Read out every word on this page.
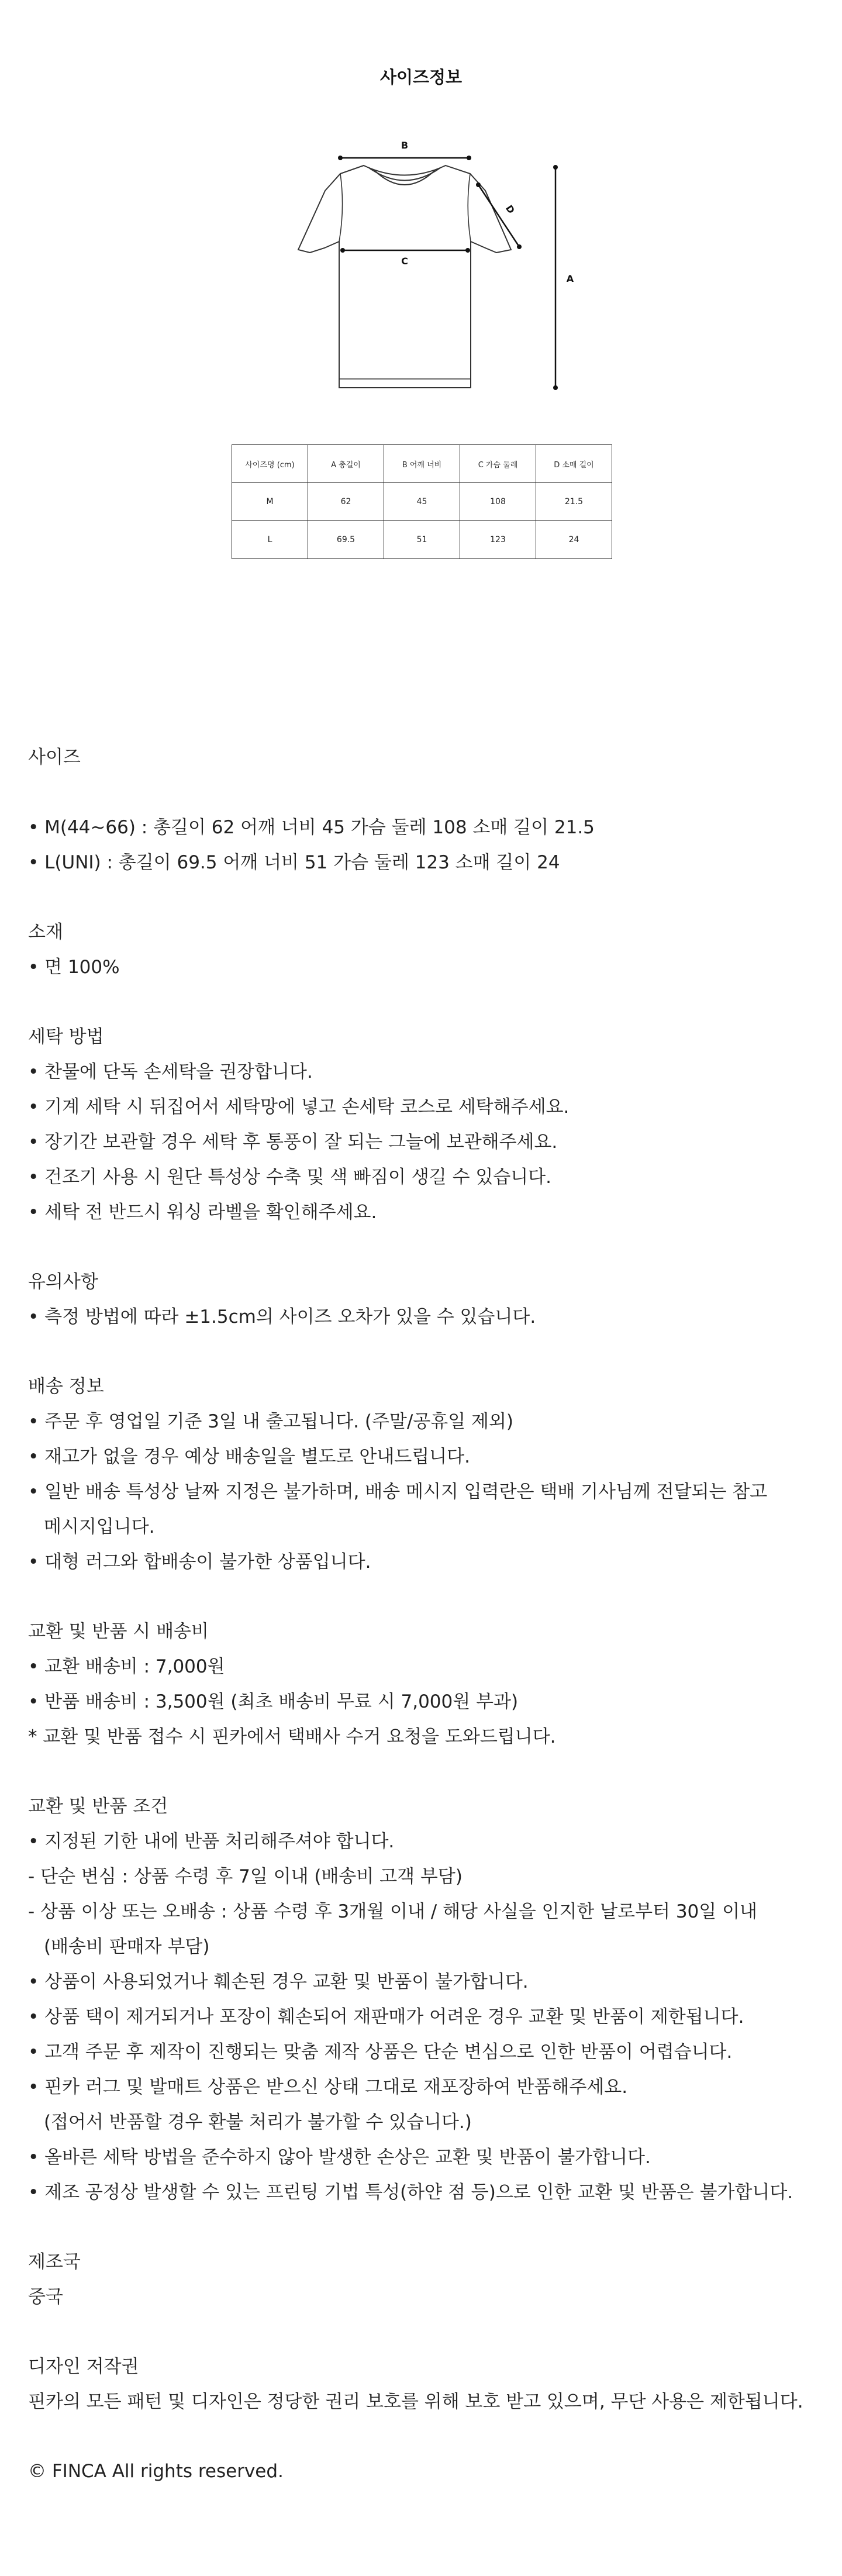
사이즈정보
B
C
D
A
사이즈명 (cm)	A 총길이	B 어깨 너비	C 가슴 둘레	D 소매 길이
M	62	45	108	21.5
L	69.5	51	123	24
사이즈
• M(44~66) : 총길이 62 어깨 너비 45 가슴 둘레 108 소매 길이 21.5
• L(UNI) : 총길이 69.5 어깨 너비 51 가슴 둘레 123 소매 길이 24
소재
• 면 100%
세탁 방법
• 찬물에 단독 손세탁을 권장합니다.
• 기계 세탁 시 뒤집어서 세탁망에 넣고 손세탁 코스로 세탁해주세요.
• 장기간 보관할 경우 세탁 후 통풍이 잘 되는 그늘에 보관해주세요.
• 건조기 사용 시 원단 특성상 수축 및 색 빠짐이 생길 수 있습니다.
• 세탁 전 반드시 워싱 라벨을 확인해주세요.
유의사항
• 측정 방법에 따라 ±1.5cm의 사이즈 오차가 있을 수 있습니다.
배송 정보
• 주문 후 영업일 기준 3일 내 출고됩니다. (주말/공휴일 제외)
• 재고가 없을 경우 예상 배송일을 별도로 안내드립니다.
• 일반 배송 특성상 날짜 지정은 불가하며, 배송 메시지 입력란은 택배 기사님께 전달되는 참고
메시지입니다.
• 대형 러그와 합배송이 불가한 상품입니다.
교환 및 반품 시 배송비
• 교환 배송비 : 7,000원
• 반품 배송비 : 3,500원 (최초 배송비 무료 시 7,000원 부과)
* 교환 및 반품 접수 시 핀카에서 택배사 수거 요청을 도와드립니다.
교환 및 반품 조건
• 지정된 기한 내에 반품 처리해주셔야 합니다.
- 단순 변심 : 상품 수령 후 7일 이내 (배송비 고객 부담)
- 상품 이상 또는 오배송 : 상품 수령 후 3개월 이내 / 해당 사실을 인지한 날로부터 30일 이내
(배송비 판매자 부담)
• 상품이 사용되었거나 훼손된 경우 교환 및 반품이 불가합니다.
• 상품 택이 제거되거나 포장이 훼손되어 재판매가 어려운 경우 교환 및 반품이 제한됩니다.
• 고객 주문 후 제작이 진행되는 맞춤 제작 상품은 단순 변심으로 인한 반품이 어렵습니다.
• 핀카 러그 및 발매트 상품은 받으신 상태 그대로 재포장하여 반품해주세요.
(접어서 반품할 경우 환불 처리가 불가할 수 있습니다.)
• 올바른 세탁 방법을 준수하지 않아 발생한 손상은 교환 및 반품이 불가합니다.
• 제조 공정상 발생할 수 있는 프린팅 기법 특성(하얀 점 등)으로 인한 교환 및 반품은 불가합니다.
제조국
중국
디자인 저작권
핀카의 모든 패턴 및 디자인은 정당한 권리 보호를 위해 보호 받고 있으며, 무단 사용은 제한됩니다.
© FINCA All rights reserved.
